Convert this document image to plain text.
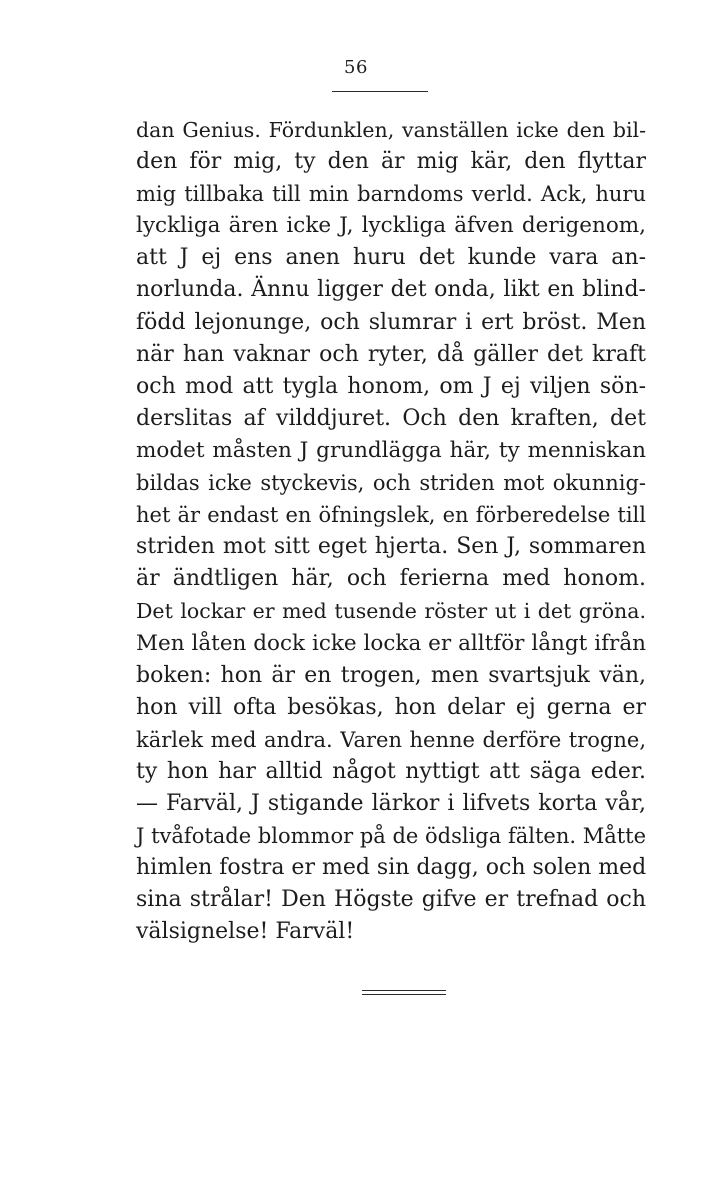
56
dan Genius. Fördunklen, vanställen icke den bil-
den för mig, ty den är mig kär, den flyttar
mig tillbaka till min barndoms verld. Ack, huru
lyckliga ären icke J, lyckliga äfven derigenom,
att J ej ens anen huru det kunde vara an-
norlunda. Ännu ligger det onda, likt en blind-
född lejonunge, och slumrar i ert bröst. Men
när han vaknar och ryter, då gäller det kraft
och mod att tygla honom, om J ej viljen sön-
derslitas af vilddjuret. Och den kraften, det
modet måsten J grundlägga här, ty menniskan
bildas icke styckevis, och striden mot okunnig-
het är endast en öfningslek, en förberedelse till
striden mot sitt eget hjerta. Sen J, sommaren
är ändtligen här, och ferierna med honom.
Det lockar er med tusende röster ut i det gröna.
Men låten dock icke locka er alltför långt ifrån
boken: hon är en trogen, men svartsjuk vän,
hon vill ofta besökas, hon delar ej gerna er
kärlek med andra. Varen henne derföre trogne,
ty hon har alltid något nyttigt att säga eder.
— Farväl, J stigande lärkor i lifvets korta vår,
J tvåfotade blommor på de ödsliga fälten. Måtte
himlen fostra er med sin dagg, och solen med
sina strålar! Den Högste gifve er trefnad och
välsignelse! Farväl!
